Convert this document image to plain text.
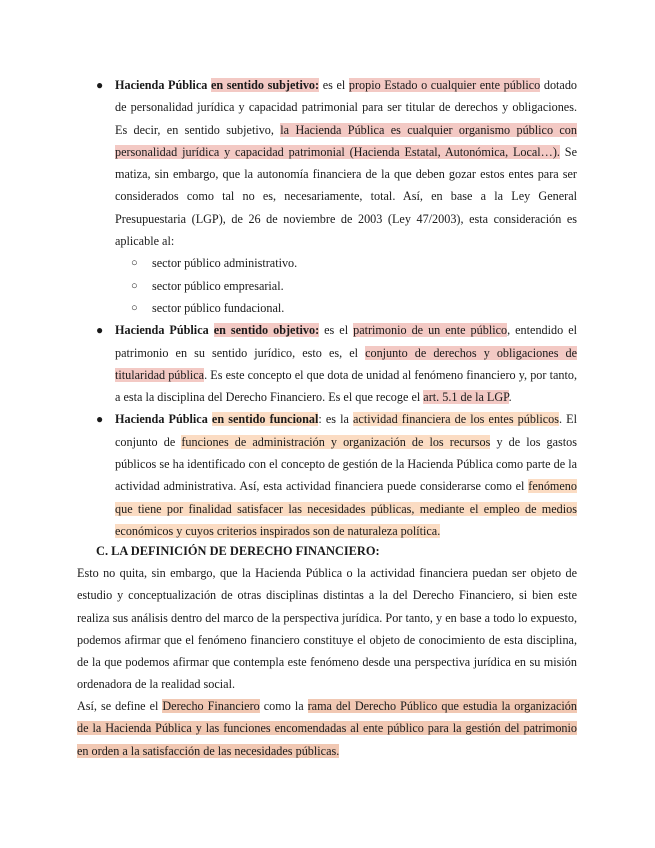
● Hacienda Pública en sentido subjetivo: es el propio Estado o cualquier ente público dotado de personalidad jurídica y capacidad patrimonial para ser titular de derechos y obligaciones. Es decir, en sentido subjetivo, la Hacienda Pública es cualquier organismo público con personalidad jurídica y capacidad patrimonial (Hacienda Estatal, Autonómica, Local…). Se matiza, sin embargo, que la autonomía financiera de la que deben gozar estos entes para ser considerados como tal no es, necesariamente, total. Así, en base a la Ley General Presupuestaria (LGP), de 26 de noviembre de 2003 (Ley 47/2003), esta consideración es aplicable al:
○ sector público administrativo.
○ sector público empresarial.
○ sector público fundacional.
● Hacienda Pública en sentido objetivo: es el patrimonio de un ente público, entendido el patrimonio en su sentido jurídico, esto es, el conjunto de derechos y obligaciones de titularidad pública. Es este concepto el que dota de unidad al fenómeno financiero y, por tanto, a esta la disciplina del Derecho Financiero. Es el que recoge el art. 5.1 de la LGP.
● Hacienda Pública en sentido funcional: es la actividad financiera de los entes públicos. El conjunto de funciones de administración y organización de los recursos y de los gastos públicos se ha identificado con el concepto de gestión de la Hacienda Pública como parte de la actividad administrativa. Así, esta actividad financiera puede considerarse como el fenómeno que tiene por finalidad satisfacer las necesidades públicas, mediante el empleo de medios económicos y cuyos criterios inspirados son de naturaleza política.
C. LA DEFINICIÓN DE DERECHO FINANCIERO:
Esto no quita, sin embargo, que la Hacienda Pública o la actividad financiera puedan ser objeto de estudio y conceptualización de otras disciplinas distintas a la del Derecho Financiero, si bien este realiza sus análisis dentro del marco de la perspectiva jurídica. Por tanto, y en base a todo lo expuesto, podemos afirmar que el fenómeno financiero constituye el objeto de conocimiento de esta disciplina, de la que podemos afirmar que contempla este fenómeno desde una perspectiva jurídica en su misión ordenadora de la realidad social.
Así, se define el Derecho Financiero como la rama del Derecho Público que estudia la organización de la Hacienda Pública y las funciones encomendadas al ente público para la gestión del patrimonio en orden a la satisfacción de las necesidades públicas.
